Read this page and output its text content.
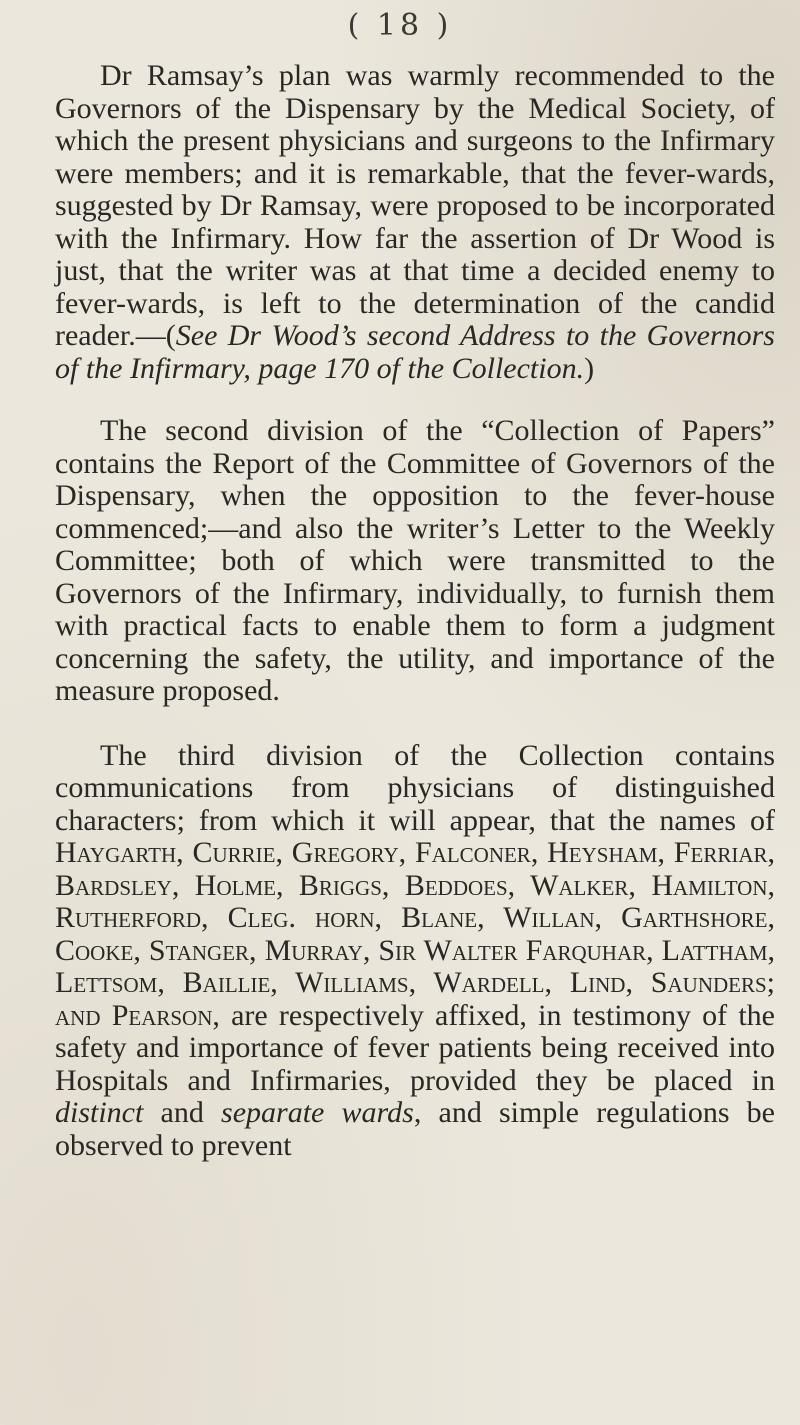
( 18 )

Dr Ramsay’s plan was warmly recommended to the Governors of the Dispensary by the Medical Society, of which the present physicians and surgeons to the Infirmary were members; and it is remarkable, that the fever-wards, suggested by Dr Ramsay, were proposed to be incorporated with the Infirmary. How far the assertion of Dr Wood is just, that the writer was at that time a decided enemy to fever-wards, is left to the determination of the candid reader.—(See Dr Wood’s second Address to the Governors of the Infirmary, page 170 of the Collection.)

The second division of the “Collection of Papers” contains the Report of the Committee of Governors of the Dispensary, when the opposition to the fever-house commenced;—and also the writer’s Letter to the Weekly Committee; both of which were transmitted to the Governors of the Infirmary, individually, to furnish them with practical facts to enable them to form a judgment concerning the safety, the utility, and importance of the measure proposed.

The third division of the Collection contains communications from physicians of distinguished characters; from which it will appear, that the names of Haygarth, Currie, Gregory, Falconer, Heysham, Ferriar, Bardsley, Holme, Briggs, Beddoes, Walker, Hamilton, Rutherford, Cleg. horn, Blane, Willan, Garthshore, Cooke, Stanger, Murray, Sir Walter Farquhar, Lattham, Lettsom, Baillie, Williams, Wardell, Lind, Saunders; and Pearson, are respectively affixed, in testimony of the safety and importance of fever patients being received into Hospitals and Infirmaries, provided they be placed in distinct and separate wards, and simple regulations be observed to prevent
